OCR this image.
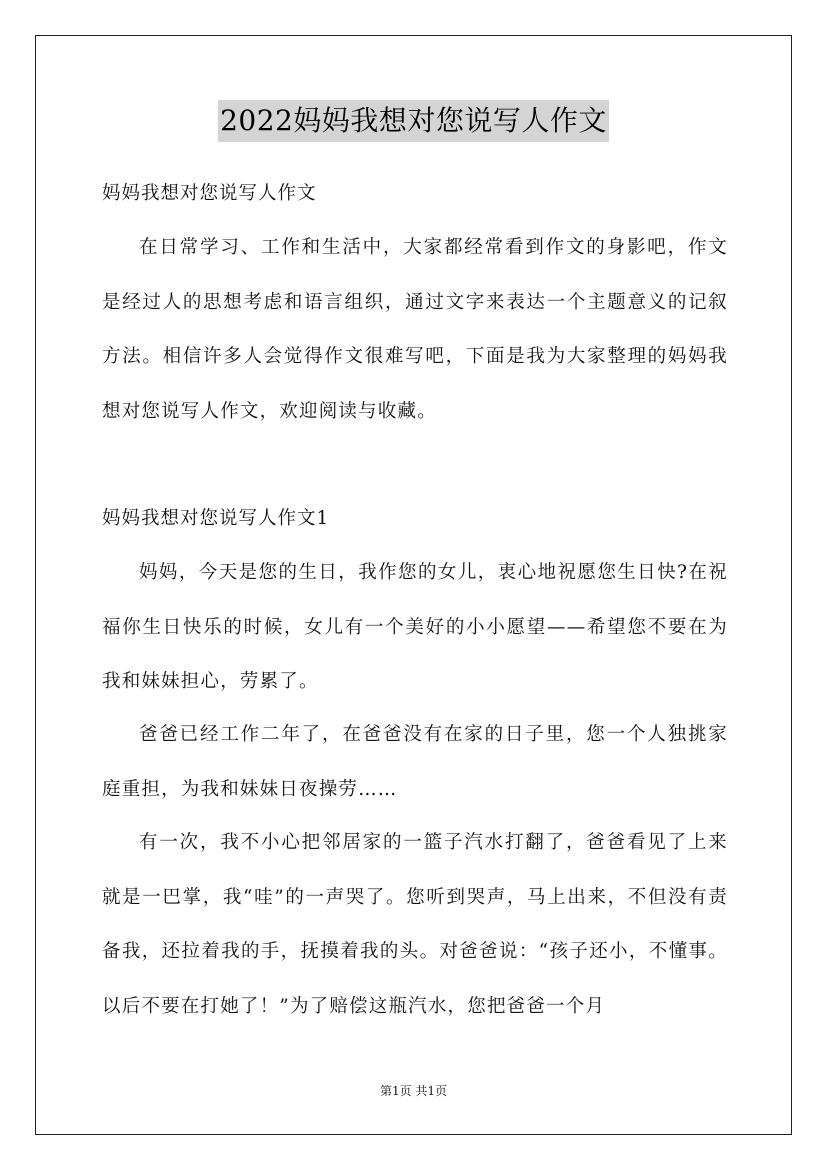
2022妈妈我想对您说写人作文

妈妈我想对您说写人作文

在日常学习、工作和生活中，大家都经常看到作文的身影吧，作文是经过人的思想考虑和语言组织，通过文字来表达一个主题意义的记叙方法。相信许多人会觉得作文很难写吧，下面是我为大家整理的妈妈我想对您说写人作文，欢迎阅读与收藏。

妈妈我想对您说写人作文1

妈妈，今天是您的生日，我作您的女儿，衷心地祝愿您生日快?在祝福你生日快乐的时候，女儿有一个美好的小小愿望——希望您不要在为我和妹妹担心，劳累了。

爸爸已经工作二年了，在爸爸没有在家的日子里，您一个人独挑家庭重担，为我和妹妹日夜操劳……

有一次，我不小心把邻居家的一篮子汽水打翻了，爸爸看见了上来就是一巴掌，我“哇”的一声哭了。您听到哭声，马上出来，不但没有责备我，还拉着我的手，抚摸着我的头。对爸爸说：“孩子还小，不懂事。以后不要在打她了！”为了赔偿这瓶汽水，您把爸爸一个月

第1页 共1页
